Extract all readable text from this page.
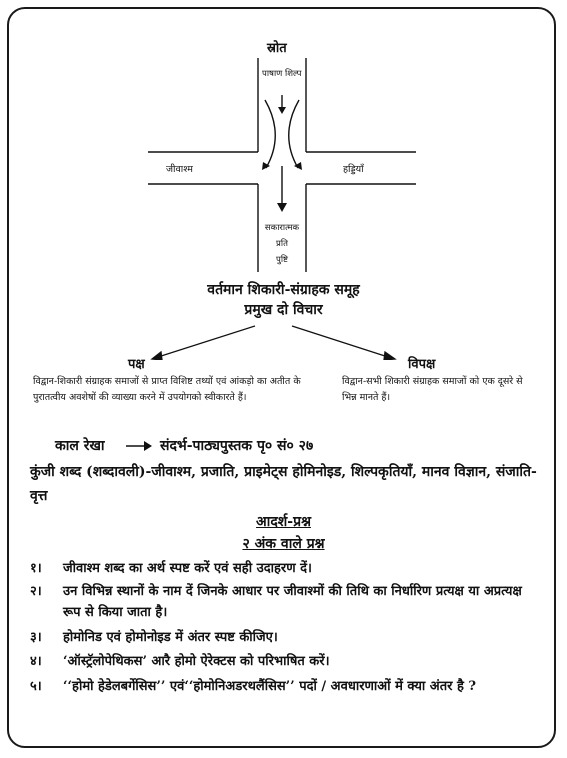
स्रोत
पाषाण शिल्प
जीवाश्म	हड्डियाँ
सकारात्मक
प्रति
पुष्टि
वर्तमान शिकारी-संग्राहक समूह
प्रमुख दो विचार
पक्ष
विद्वान-शिकारी संग्राहक समाजों से प्राप्त विशिष्ट तथ्यों एवं आंकड़ो का अतीत के पुरातत्वीय अवशेषों की व्याख्या करने में उपयोगको स्वीकारते हैं।
विपक्ष
विद्वान-सभी शिकारी संग्राहक समाजों को एक दूसरे से भिन्न मानते हैं।
काल रेखा	संदर्भ-पाठ्यपुस्तक पृ० सं० २७
कुंजी शब्द (शब्दावली)-जीवाश्म, प्रजाति, प्राइमेट्स होमिनोइड, शिल्पकृतियाँ, मानव विज्ञान, संजाति-वृत्त
आदर्श-प्रश्न
२ अंक वाले प्रश्न
१। जीवाश्म शब्द का अर्थ स्पष्ट करें एवं सही उदाहरण दें।
२। उन विभिन्न स्थानों के नाम दें जिनके आधार पर जीवाश्मों की तिथि का निर्धारिण प्रत्यक्ष या अप्रत्यक्ष रूप से किया जाता है।
३। होमोनिड एवं होमोनोइड में अंतर स्पष्ट कीजिए।
४। ‘ऑस्ट्रॅलोपेथिकस’ आरै होमो ऐरेक्टस को परिभाषित करें।
५। ‘‘होमो हेडेलबर्गेसिस’’ एवं‘‘होमोनिअडरथलैंसिस’’ पदों / अवधारणाओं में क्या अंतर है ?
